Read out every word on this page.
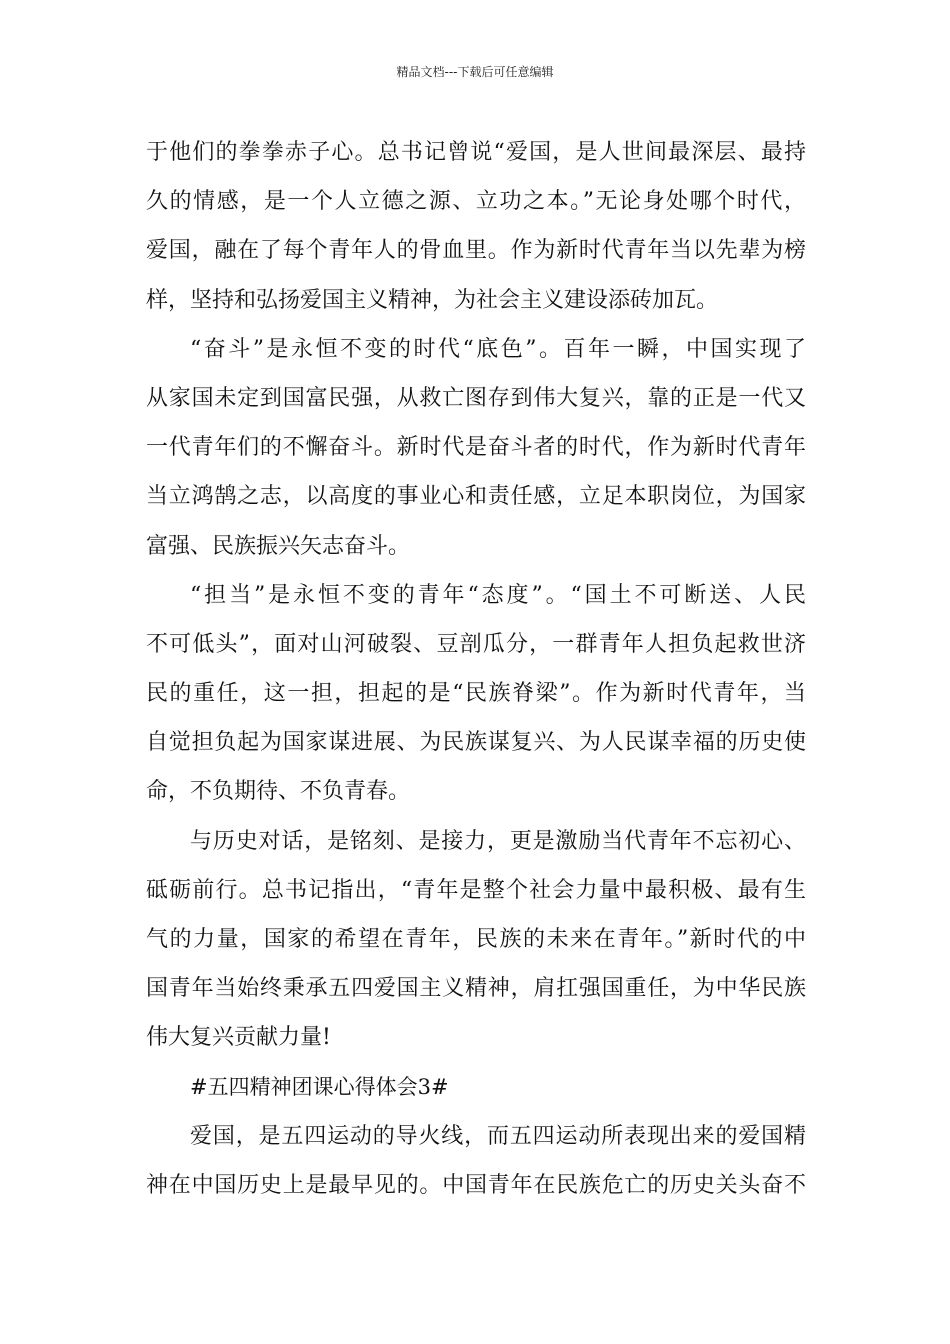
精品文档---下载后可任意编辑
于他们的拳拳赤子心。总书记曾说“爱国，是人世间最深层、最持
久的情感，是一个人立德之源、立功之本。”无论身处哪个时代，
爱国，融在了每个青年人的骨血里。作为新时代青年当以先辈为榜
样，坚持和弘扬爱国主义精神，为社会主义建设添砖加瓦。
“奋斗”是永恒不变的时代“底色”。百年一瞬，中国实现了
从家国未定到国富民强，从救亡图存到伟大复兴，靠的正是一代又
一代青年们的不懈奋斗。新时代是奋斗者的时代，作为新时代青年
当立鸿鹄之志，以高度的事业心和责任感，立足本职岗位，为国家
富强、民族振兴矢志奋斗。
“担当”是永恒不变的青年“态度”。“国土不可断送、人民
不可低头”，面对山河破裂、豆剖瓜分，一群青年人担负起救世济
民的重任，这一担，担起的是“民族脊梁”。作为新时代青年，当
自觉担负起为国家谋进展、为民族谋复兴、为人民谋幸福的历史使
命，不负期待、不负青春。
与历史对话，是铭刻、是接力，更是激励当代青年不忘初心、
砥砺前行。总书记指出，“青年是整个社会力量中最积极、最有生
气的力量，国家的希望在青年，民族的未来在青年。”新时代的中
国青年当始终秉承五四爱国主义精神，肩扛强国重任，为中华民族
伟大复兴贡献力量!
#五四精神团课心得体会3#
爱国，是五四运动的导火线，而五四运动所表现出来的爱国精
神在中国历史上是最早见的。中国青年在民族危亡的历史关头奋不
